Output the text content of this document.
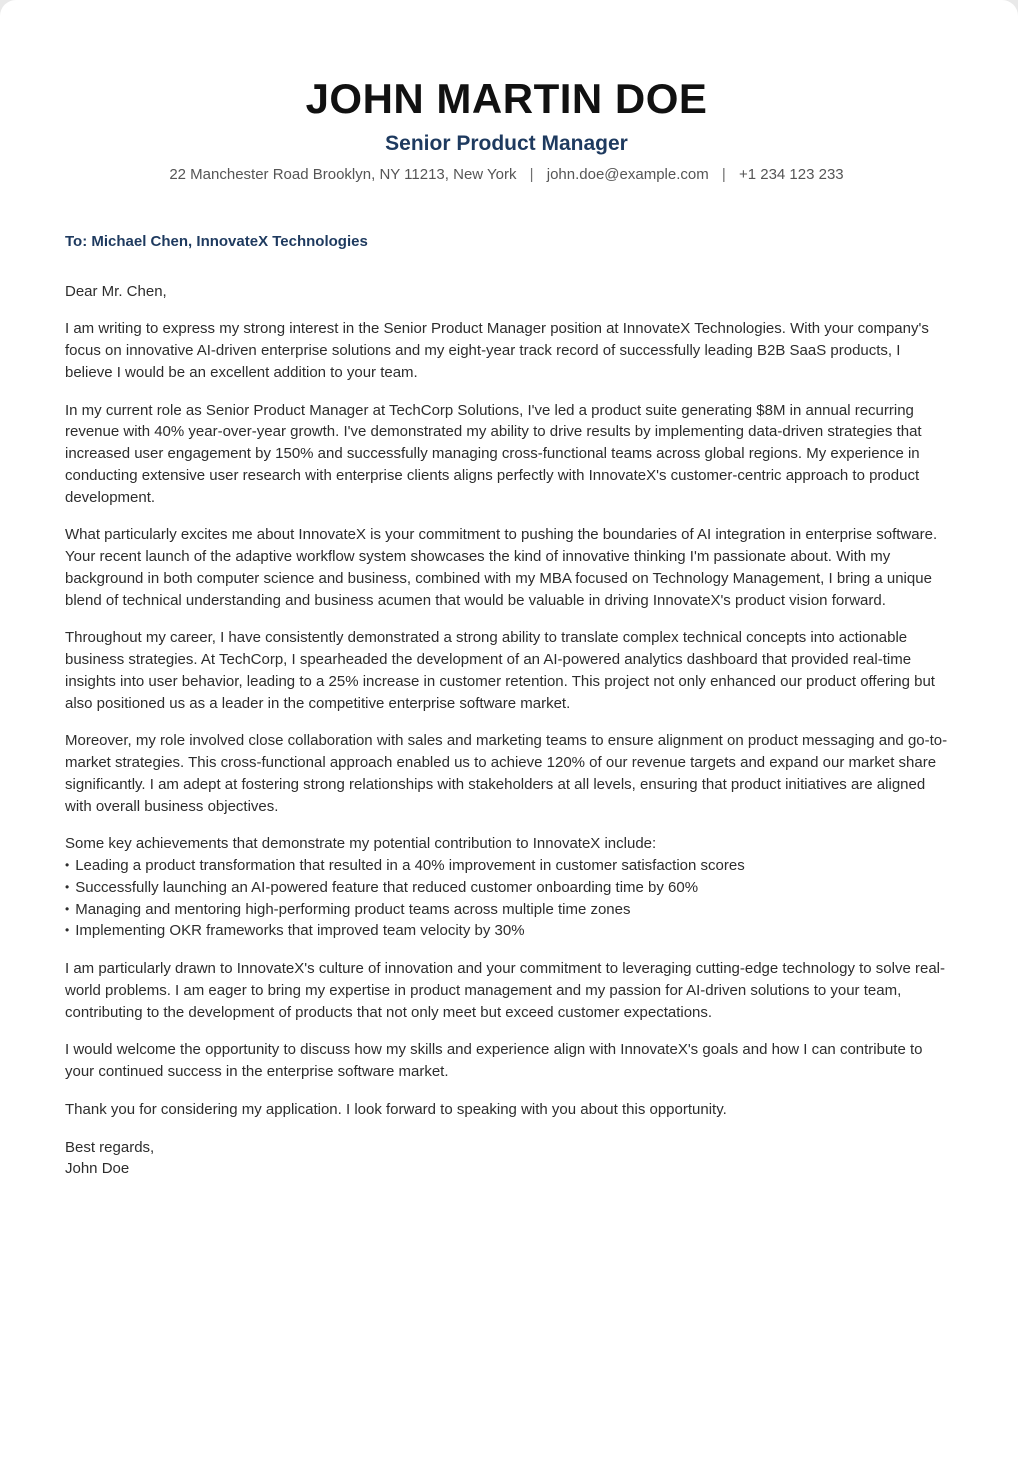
JOHN MARTIN DOE
Senior Product Manager
22 Manchester Road Brooklyn, NY 11213, New York | john.doe@example.com | +1 234 123 233

To: Michael Chen, InnovateX Technologies

Dear Mr. Chen,

I am writing to express my strong interest in the Senior Product Manager position at InnovateX Technologies. With your company's focus on innovative AI-driven enterprise solutions and my eight-year track record of successfully leading B2B SaaS products, I believe I would be an excellent addition to your team.

In my current role as Senior Product Manager at TechCorp Solutions, I've led a product suite generating $8M in annual recurring revenue with 40% year-over-year growth. I've demonstrated my ability to drive results by implementing data-driven strategies that increased user engagement by 150% and successfully managing cross-functional teams across global regions. My experience in conducting extensive user research with enterprise clients aligns perfectly with InnovateX's customer-centric approach to product development.

What particularly excites me about InnovateX is your commitment to pushing the boundaries of AI integration in enterprise software. Your recent launch of the adaptive workflow system showcases the kind of innovative thinking I'm passionate about. With my background in both computer science and business, combined with my MBA focused on Technology Management, I bring a unique blend of technical understanding and business acumen that would be valuable in driving InnovateX's product vision forward.

Throughout my career, I have consistently demonstrated a strong ability to translate complex technical concepts into actionable business strategies. At TechCorp, I spearheaded the development of an AI-powered analytics dashboard that provided real-time insights into user behavior, leading to a 25% increase in customer retention. This project not only enhanced our product offering but also positioned us as a leader in the competitive enterprise software market.

Moreover, my role involved close collaboration with sales and marketing teams to ensure alignment on product messaging and go-to-market strategies. This cross-functional approach enabled us to achieve 120% of our revenue targets and expand our market share significantly. I am adept at fostering strong relationships with stakeholders at all levels, ensuring that product initiatives are aligned with overall business objectives.

Some key achievements that demonstrate my potential contribution to InnovateX include:
• Leading a product transformation that resulted in a 40% improvement in customer satisfaction scores
• Successfully launching an AI-powered feature that reduced customer onboarding time by 60%
• Managing and mentoring high-performing product teams across multiple time zones
• Implementing OKR frameworks that improved team velocity by 30%

I am particularly drawn to InnovateX's culture of innovation and your commitment to leveraging cutting-edge technology to solve real-world problems. I am eager to bring my expertise in product management and my passion for AI-driven solutions to your team, contributing to the development of products that not only meet but exceed customer expectations.

I would welcome the opportunity to discuss how my skills and experience align with InnovateX's goals and how I can contribute to your continued success in the enterprise software market.

Thank you for considering my application. I look forward to speaking with you about this opportunity.

Best regards,
John Doe
